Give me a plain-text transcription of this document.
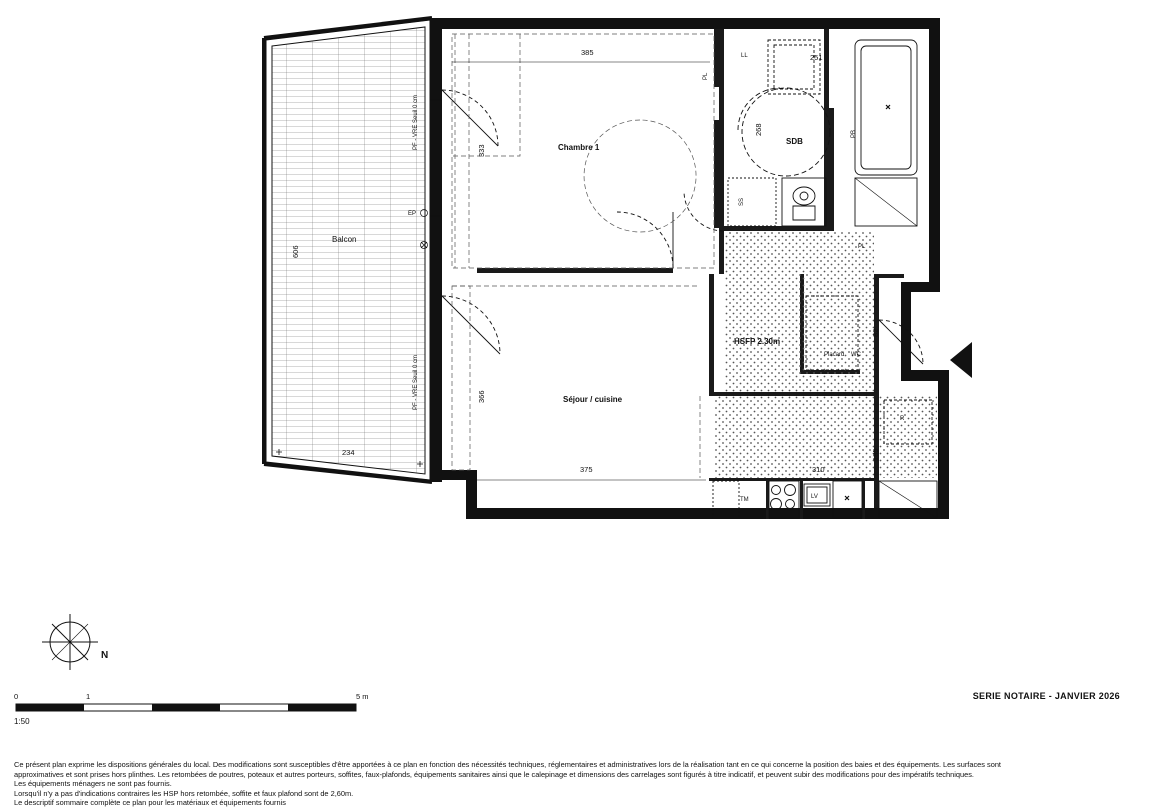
Balcon
Chambre 1
Séjour / cuisine
SDB
HSFP 2.30m
385
375	310
234
606
366
333
268
251
185
82
PF - VRE Seuil 0 cm
PF - VRE Seuil 0 cm
EP
LL
PL
PL
PB
SS
WC
Placard
R
TM	LV
N
0	1	5 m
1:50
SERIE NOTAIRE - JANVIER 2026
Ce présent plan exprime les dispositions générales du local. Des modifications sont susceptibles d'être apportées à ce plan en fonction des nécessités techniques, réglementaires et administratives lors de la réalisation tant en ce qui concerne la position des baies et des équipements. Les surfaces sont
approximatives et sont prises hors plinthes. Les retombées de poutres, poteaux et autres porteurs, soffites, faux-plafonds, équipements sanitaires ainsi que le calepinage et dimensions des carrelages sont figurés à titre indicatif, et peuvent subir des modifications pour des impératifs techniques.
Les équipements ménagers ne sont pas fournis.
Lorsqu'il n'y a pas d'indications contraires les HSP hors retombée, soffite et faux plafond sont de 2,60m.
Le descriptif sommaire complète ce plan pour les matériaux et équipements fournis
